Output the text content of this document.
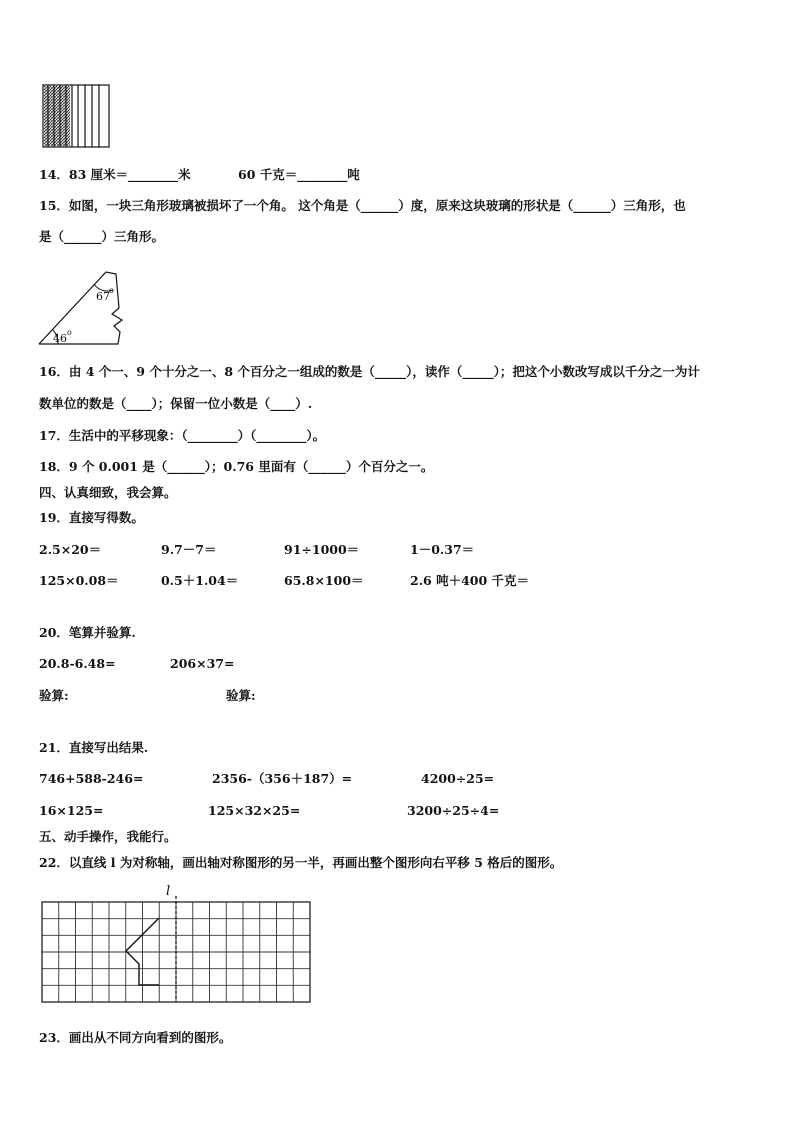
14．83 厘米＝________米	60 千克＝________吨
15．如图，一块三角形玻璃被损坏了一个角。 这个角是（______）度，原来这块玻璃的形状是（______）三角形，也
是（______）三角形。
67 o
46 o
16．由 4 个一、9 个十分之一、8 个百分之一组成的数是（_____），读作（_____）；把这个小数改写成以千分之一为计
数单位的数是（____）；保留一位小数是（____）.
17．生活中的平移现象：（________）（________）。
18．9 个 0.001 是（______）；0.76 里面有（______）个百分之一。
四、认真细致，我会算。
19．直接写得数。
2.5×20＝	9.7－7＝	91÷1000＝	1－0.37＝
125×0.08＝	0.5＋1.04＝	65.8×100＝	2.6 吨＋400 千克＝
20．笔算并验算.
20.8-6.48=	206×37=
验算:	验算:
21．直接写出结果.
746+588-246=	2356-（356＋187）=	4200÷25=
16×125=	125×32×25=	3200÷25÷4=
五、动手操作，我能行。
22．以直线 l 为对称轴，画出轴对称图形的另一半，再画出整个图形向右平移 5 格后的图形。
l
23．画出从不同方向看到的图形。
